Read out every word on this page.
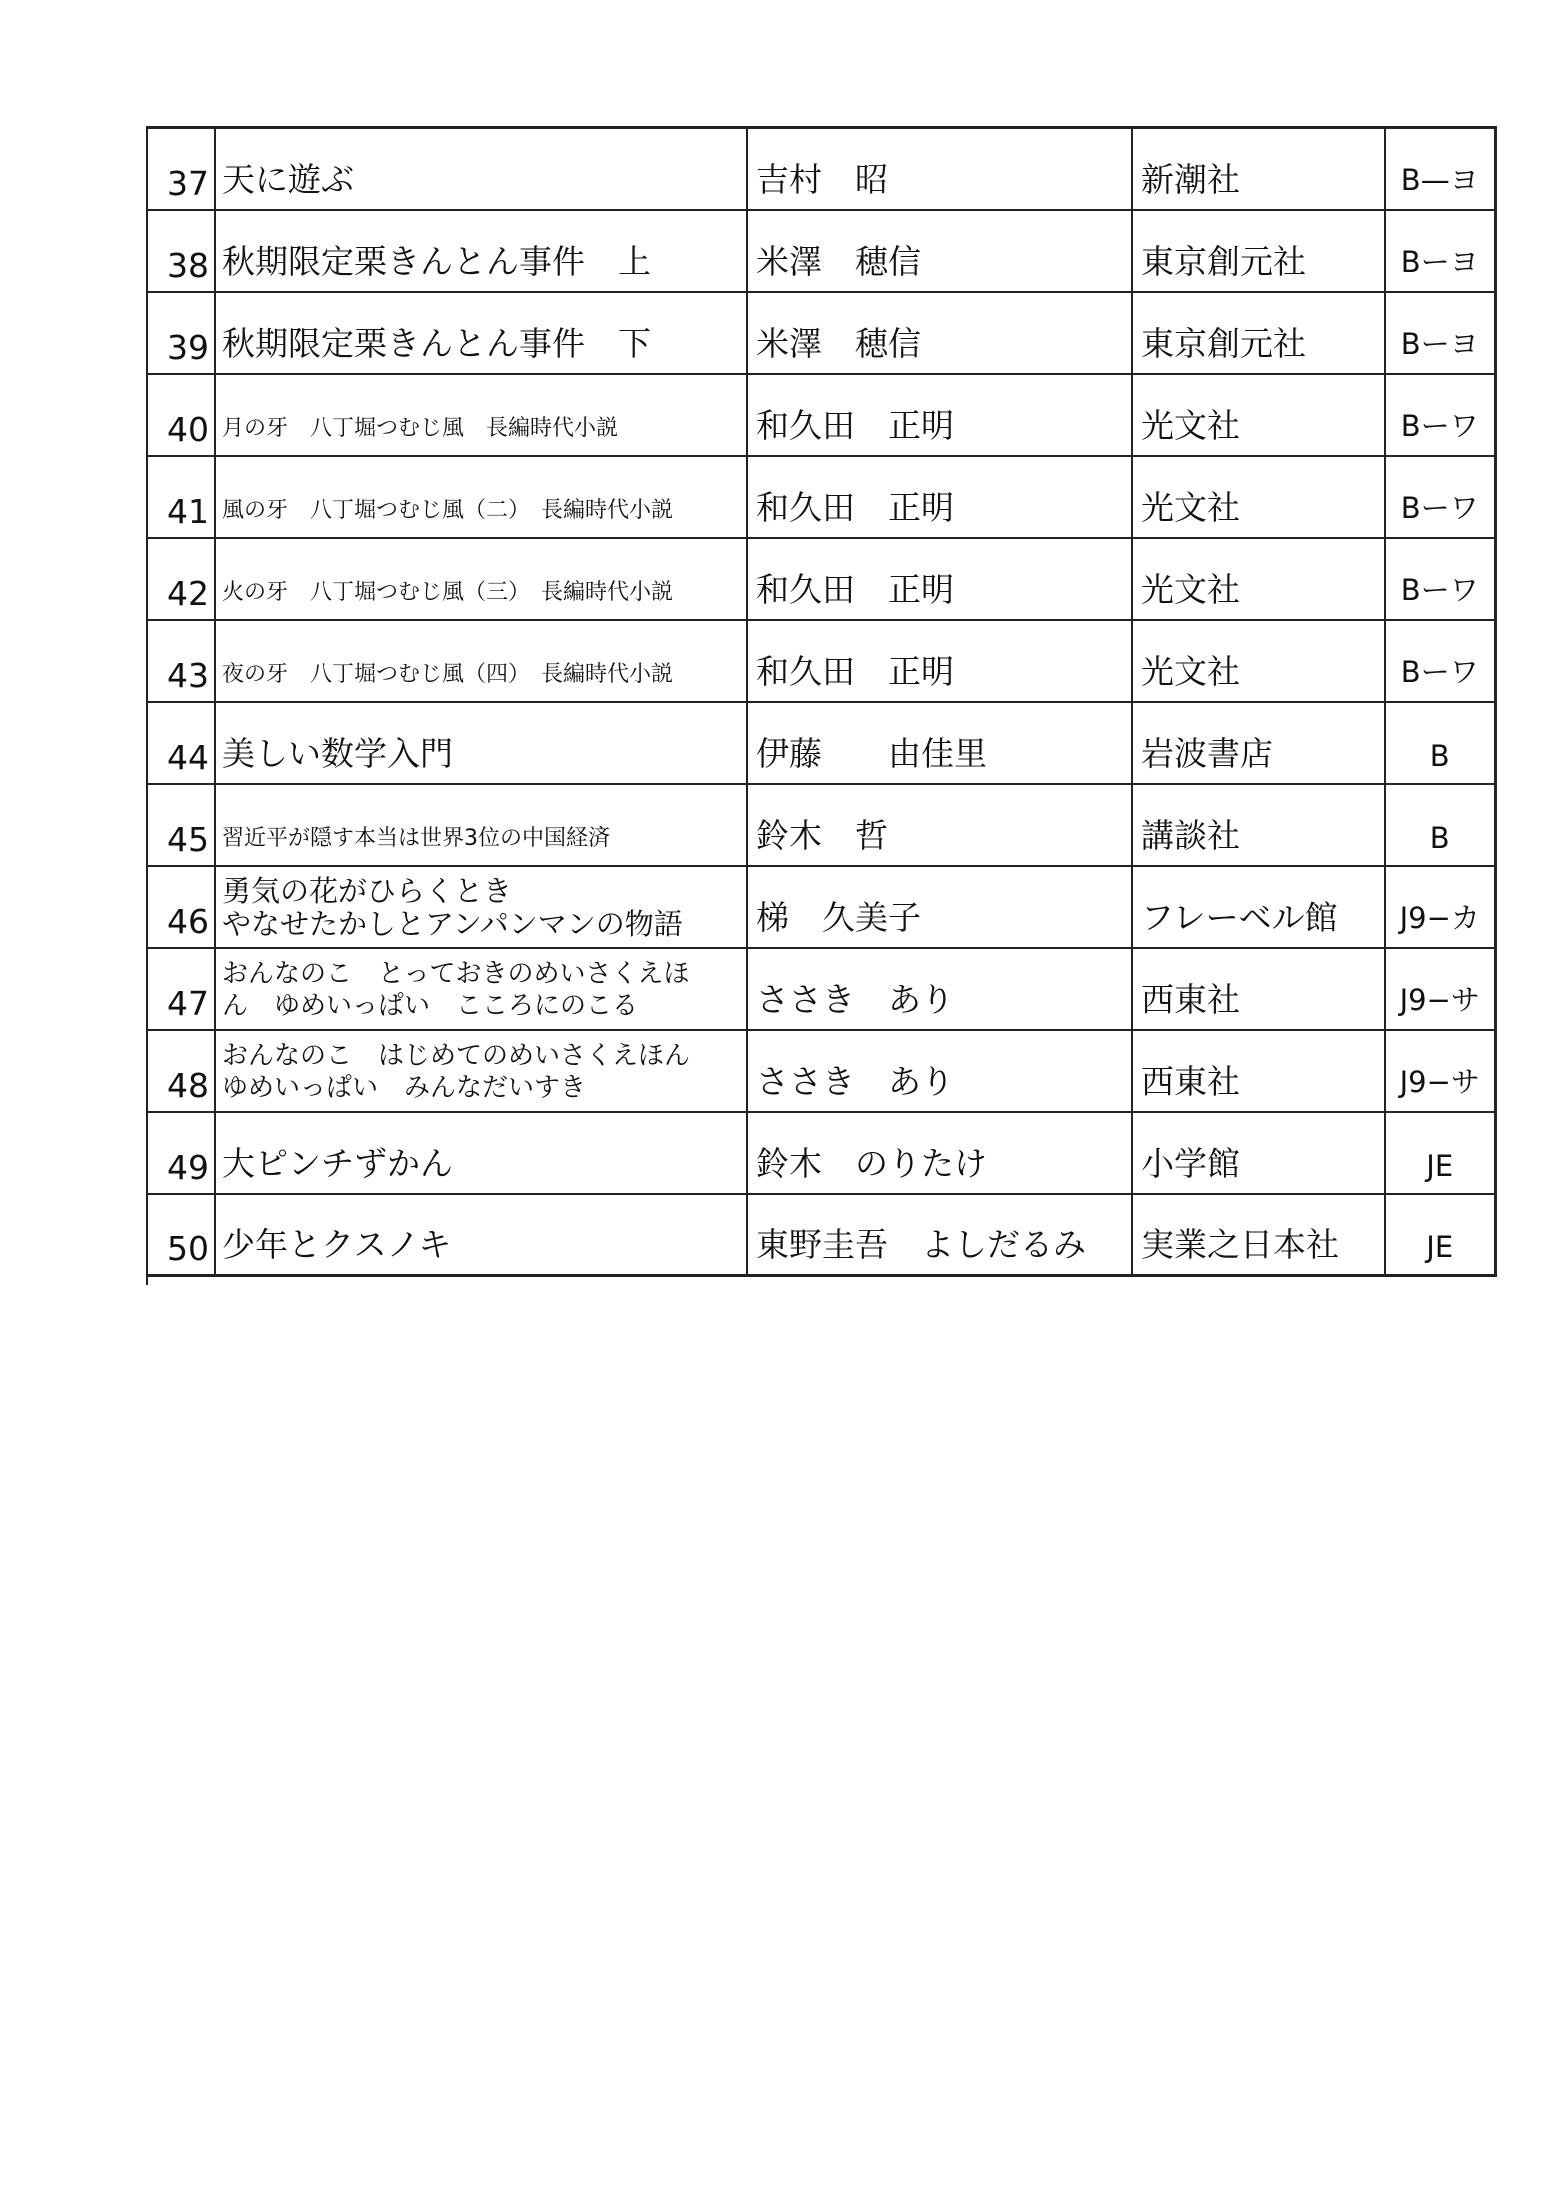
37	天に遊ぶ	吉村　昭	新潮社	B—ヨ
38	秋期限定栗きんとん事件　上	米澤　穂信	東京創元社	Bーヨ
39	秋期限定栗きんとん事件　下	米澤　穂信	東京創元社	Bーヨ
40	月の牙　八丁堀つむじ風　長編時代小説	和久田　正明	光文社	Bーワ
41	風の牙　八丁堀つむじ風（二）　長編時代小説	和久田　正明	光文社	Bーワ
42	火の牙　八丁堀つむじ風（三）　長編時代小説	和久田　正明	光文社	Bーワ
43	夜の牙　八丁堀つむじ風（四）　長編時代小説	和久田　正明	光文社	Bーワ
44	美しい数学入門	伊藤　　由佳里	岩波書店	B
45	習近平が隠す本当は世界3位の中国経済	鈴木　哲	講談社	B
46	勇気の花がひらくとき
やなせたかしとアンパンマンの物語	梯　久美子	フレーベル館	J9−カ
47	おんなのこ　とっておきのめいさくえほ
ん　ゆめいっぱい　こころにのこる	ささき　あり	西東社	J9−サ
48	おんなのこ　はじめてのめいさくえほん
ゆめいっぱい　みんなだいすき	ささき　あり	西東社	J9−サ
49	大ピンチずかん	鈴木　のりたけ	小学館	JE
50	少年とクスノキ	東野圭吾　よしだるみ	実業之日本社	JE
